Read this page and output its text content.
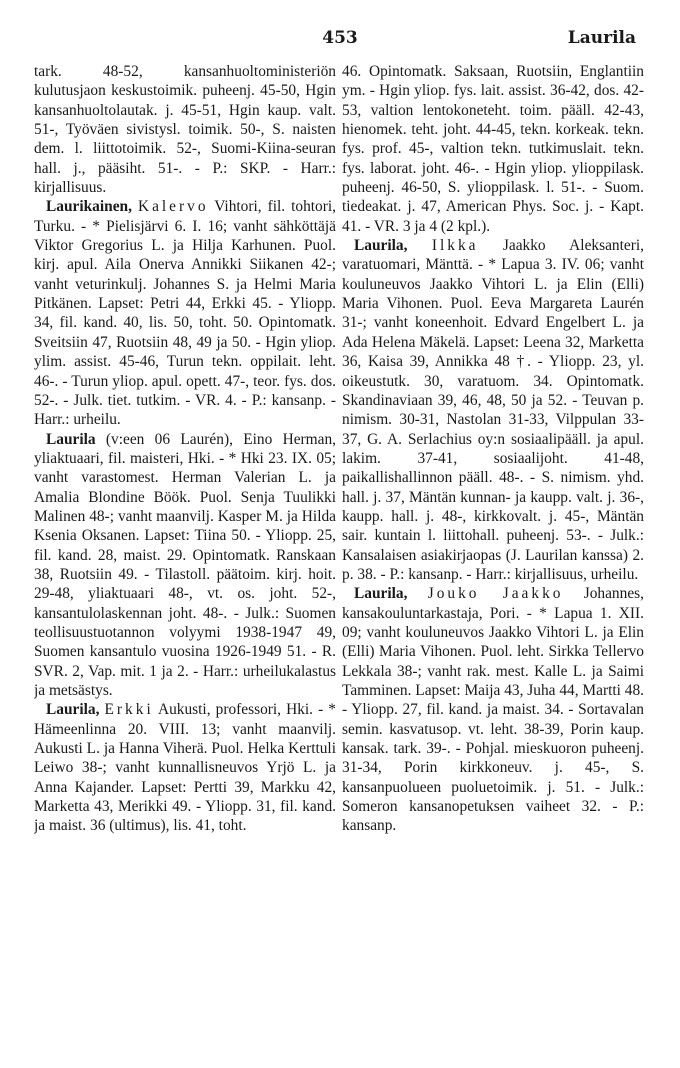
453	Laurila

tark. 48-52, kansanhuoltoministeriön kulutusjaon keskustoimik. puheenj. 45-50, Hgin kansanhuoltolautak. j. 45-51, Hgin kaup. valt. 51-, Työväen sivistysl. toimik. 50-, S. naisten dem. l. liittotoimik. 52-, Suomi-Kiina-seuran hall. j., pääsiht. 51-. - P.: SKP. - Harr.: kirjallisuus.

Laurikainen, Kalervo Vihtori, fil. tohtori, Turku. - * Pielisjärvi 6. I. 16; vanht sähköttäjä Viktor Gregorius L. ja Hilja Karhunen. Puol. kirj. apul. Aila Onerva Annikki Siikanen 42-; vanht veturinkulj. Johannes S. ja Helmi Maria Pitkänen. Lapset: Petri 44, Erkki 45. - Yliopp. 34, fil. kand. 40, lis. 50, toht. 50. Opintomatk. Sveitsiin 47, Ruotsiin 48, 49 ja 50. - Hgin yliop. ylim. assist. 45-46, Turun tekn. oppilait. leht. 46-. - Turun yliop. apul. opett. 47-, teor. fys. dos. 52-. - Julk. tiet. tutkim. - VR. 4. - P.: kansanp. - Harr.: urheilu.

Laurila (v:een 06 Laurén), Eino Herman, yliaktuaari, fil. maisteri, Hki. - * Hki 23. IX. 05; vanht varastomest. Herman Valerian L. ja Amalia Blondine Böök. Puol. Senja Tuulikki Malinen 48-; vanht maanvilj. Kasper M. ja Hilda Ksenia Oksanen. Lapset: Tiina 50. - Yliopp. 25, fil. kand. 28, maist. 29. Opintomatk. Ranskaan 38, Ruotsiin 49. - Tilastoll. päätoim. kirj. hoit. 29-48, yliaktuaari 48-, vt. os. joht. 52-, kansantulolaskennan joht. 48-. - Julk.: Suomen teollisuustuotannon volyymi 1938-1947 49, Suomen kansantulo vuosina 1926-1949 51. - R. SVR. 2, Vap. mit. 1 ja 2. - Harr.: urheilukalastus ja metsästys.

Laurila, Erkki Aukusti, professori, Hki. - * Hämeenlinna 20. VIII. 13; vanht maanvilj. Aukusti L. ja Hanna Viherä. Puol. Helka Kerttuli Leiwo 38-; vanht kunnallisneuvos Yrjö L. ja Anna Kajander. Lapset: Pertti 39, Markku 42, Marketta 43, Merikki 49. - Yliopp. 31, fil. kand. ja maist. 36 (ultimus), lis. 41, toht.

46. Opintomatk. Saksaan, Ruotsiin, Englantiin ym. - Hgin yliop. fys. lait. assist. 36-42, dos. 42-53, valtion lentokoneteht. toim. pääll. 42-43, hienomek. teht. joht. 44-45, tekn. korkeak. tekn. fys. prof. 45-, valtion tekn. tutkimuslait. tekn. fys. laborat. joht. 46-. - Hgin yliop. ylioppilask. puheenj. 46-50, S. ylioppilask. l. 51-. - Suom. tiedeakat. j. 47, American Phys. Soc. j. - Kapt. 41. - VR. 3 ja 4 (2 kpl.).

Laurila, Ilkka Jaakko Aleksanteri, varatuomari, Mänttä. - * Lapua 3. IV. 06; vanht kouluneuvos Jaakko Vihtori L. ja Elin (Elli) Maria Vihonen. Puol. Eeva Margareta Laurén 31-; vanht koneenhoit. Edvard Engelbert L. ja Ada Helena Mäkelä. Lapset: Leena 32, Marketta 36, Kaisa 39, Annikka 48 †. - Yliopp. 23, yl. oikeustutk. 30, varatuom. 34. Opintomatk. Skandinaviaan 39, 46, 48, 50 ja 52. - Teuvan p. nimism. 30-31, Nastolan 31-33, Vilppulan 33-37, G. A. Serlachius oy:n sosiaalipääll. ja apul. lakim. 37-41, sosiaalijoht. 41-48, paikallishallinnon pääll. 48-. - S. nimism. yhd. hall. j. 37, Mäntän kunnan- ja kaupp. valt. j. 36-, kaupp. hall. j. 48-, kirkkovalt. j. 45-, Mäntän sair. kuntain l. liittohall. puheenj. 53-. - Julk.: Kansalaisen asiakirjaopas (J. Laurilan kanssa) 2. p. 38. - P.: kansanp. - Harr.: kirjallisuus, urheilu.

Laurila, Jouko Jaakko Johannes, kansakouluntarkastaja, Pori. - * Lapua 1. XII. 09; vanht kouluneuvos Jaakko Vihtori L. ja Elin (Elli) Maria Vihonen. Puol. leht. Sirkka Tellervo Lekkala 38-; vanht rak. mest. Kalle L. ja Saimi Tamminen. Lapset: Maija 43, Juha 44, Martti 48. - Yliopp. 27, fil. kand. ja maist. 34. - Sortavalan semin. kasvatusop. vt. leht. 38-39, Porin kaup. kansak. tark. 39-. - Pohjal. mieskuoron puheenj. 31-34, Porin kirkkoneuv. j. 45-, S. kansanpuolueen puoluetoimik. j. 51. - Julk.: Someron kansanopetuksen vaiheet 32. - P.: kansanp.
